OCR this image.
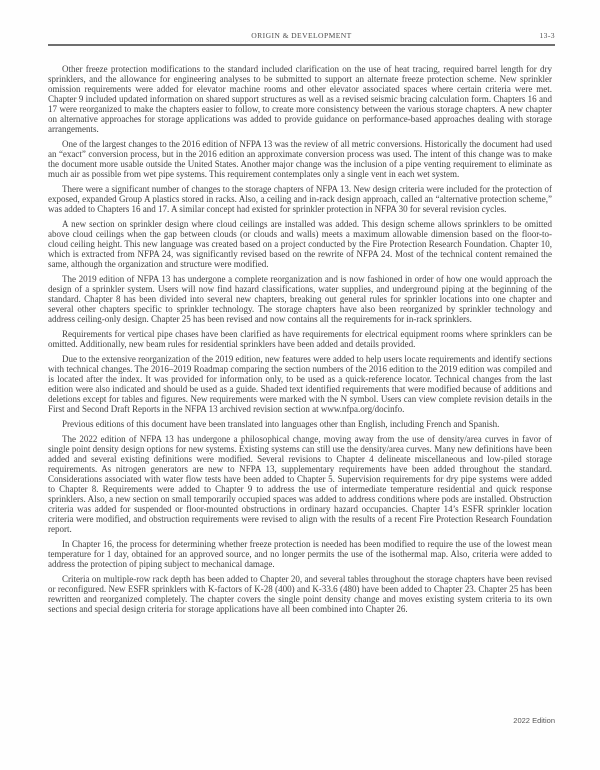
ORIGIN & DEVELOPMENT	13-3

Other freeze protection modifications to the standard included clarification on the use of heat tracing, required barrel length for dry sprinklers, and the allowance for engineering analyses to be submitted to support an alternate freeze protection scheme. New sprinkler omission requirements were added for elevator machine rooms and other elevator associated spaces where certain criteria were met. Chapter 9 included updated information on shared support structures as well as a revised seismic bracing calculation form. Chapters 16 and 17 were reorganized to make the chapters easier to follow, to create more consistency between the various storage chapters. A new chapter on alternative approaches for storage applications was added to provide guidance on performance-based approaches dealing with storage arrangements.

One of the largest changes to the 2016 edition of NFPA 13 was the review of all metric conversions. Historically the document had used an “exact” conversion process, but in the 2016 edition an approximate conversion process was used. The intent of this change was to make the document more usable outside the United States. Another major change was the inclusion of a pipe venting requirement to eliminate as much air as possible from wet pipe systems. This requirement contemplates only a single vent in each wet system.

There were a significant number of changes to the storage chapters of NFPA 13. New design criteria were included for the protection of exposed, expanded Group A plastics stored in racks. Also, a ceiling and in-rack design approach, called an “alternative protection scheme,” was added to Chapters 16 and 17. A similar concept had existed for sprinkler protection in NFPA 30 for several revision cycles.

A new section on sprinkler design where cloud ceilings are installed was added. This design scheme allows sprinklers to be omitted above cloud ceilings when the gap between clouds (or clouds and walls) meets a maximum allowable dimension based on the floor-to-cloud ceiling height. This new language was created based on a project conducted by the Fire Protection Research Foundation. Chapter 10, which is extracted from NFPA 24, was significantly revised based on the rewrite of NFPA 24. Most of the technical content remained the same, although the organization and structure were modified.

The 2019 edition of NFPA 13 has undergone a complete reorganization and is now fashioned in order of how one would approach the design of a sprinkler system. Users will now find hazard classifications, water supplies, and underground piping at the beginning of the standard. Chapter 8 has been divided into several new chapters, breaking out general rules for sprinkler locations into one chapter and several other chapters specific to sprinkler technology. The storage chapters have also been reorganized by sprinkler technology and address ceiling-only design. Chapter 25 has been revised and now contains all the requirements for in-rack sprinklers.

Requirements for vertical pipe chases have been clarified as have requirements for electrical equipment rooms where sprinklers can be omitted. Additionally, new beam rules for residential sprinklers have been added and details provided.

Due to the extensive reorganization of the 2019 edition, new features were added to help users locate requirements and identify sections with technical changes. The 2016–2019 Roadmap comparing the section numbers of the 2016 edition to the 2019 edition was compiled and is located after the index. It was provided for information only, to be used as a quick-reference locator. Technical changes from the last edition were also indicated and should be used as a guide. Shaded text identified requirements that were modified because of additions and deletions except for tables and figures. New requirements were marked with the N symbol. Users can view complete revision details in the First and Second Draft Reports in the NFPA 13 archived revision section at www.nfpa.org/docinfo.

Previous editions of this document have been translated into languages other than English, including French and Spanish.

The 2022 edition of NFPA 13 has undergone a philosophical change, moving away from the use of density/area curves in favor of single point density design options for new systems. Existing systems can still use the density/area curves. Many new definitions have been added and several existing definitions were modified. Several revisions to Chapter 4 delineate miscellaneous and low-piled storage requirements. As nitrogen generators are new to NFPA 13, supplementary requirements have been added throughout the standard. Considerations associated with water flow tests have been added to Chapter 5. Supervision requirements for dry pipe systems were added to Chapter 8. Requirements were added to Chapter 9 to address the use of intermediate temperature residential and quick response sprinklers. Also, a new section on small temporarily occupied spaces was added to address conditions where pods are installed. Obstruction criteria was added for suspended or floor-mounted obstructions in ordinary hazard occupancies. Chapter 14’s ESFR sprinkler location criteria were modified, and obstruction requirements were revised to align with the results of a recent Fire Protection Research Foundation report.

In Chapter 16, the process for determining whether freeze protection is needed has been modified to require the use of the lowest mean temperature for 1 day, obtained for an approved source, and no longer permits the use of the isothermal map. Also, criteria were added to address the protection of piping subject to mechanical damage.

Criteria on multiple-row rack depth has been added to Chapter 20, and several tables throughout the storage chapters have been revised or reconfigured. New ESFR sprinklers with K-factors of K-28 (400) and K-33.6 (480) have been added to Chapter 23. Chapter 25 has been rewritten and reorganized completely. The chapter covers the single point density change and moves existing system criteria to its own sections and special design criteria for storage applications have all been combined into Chapter 26.

2022 Edition
